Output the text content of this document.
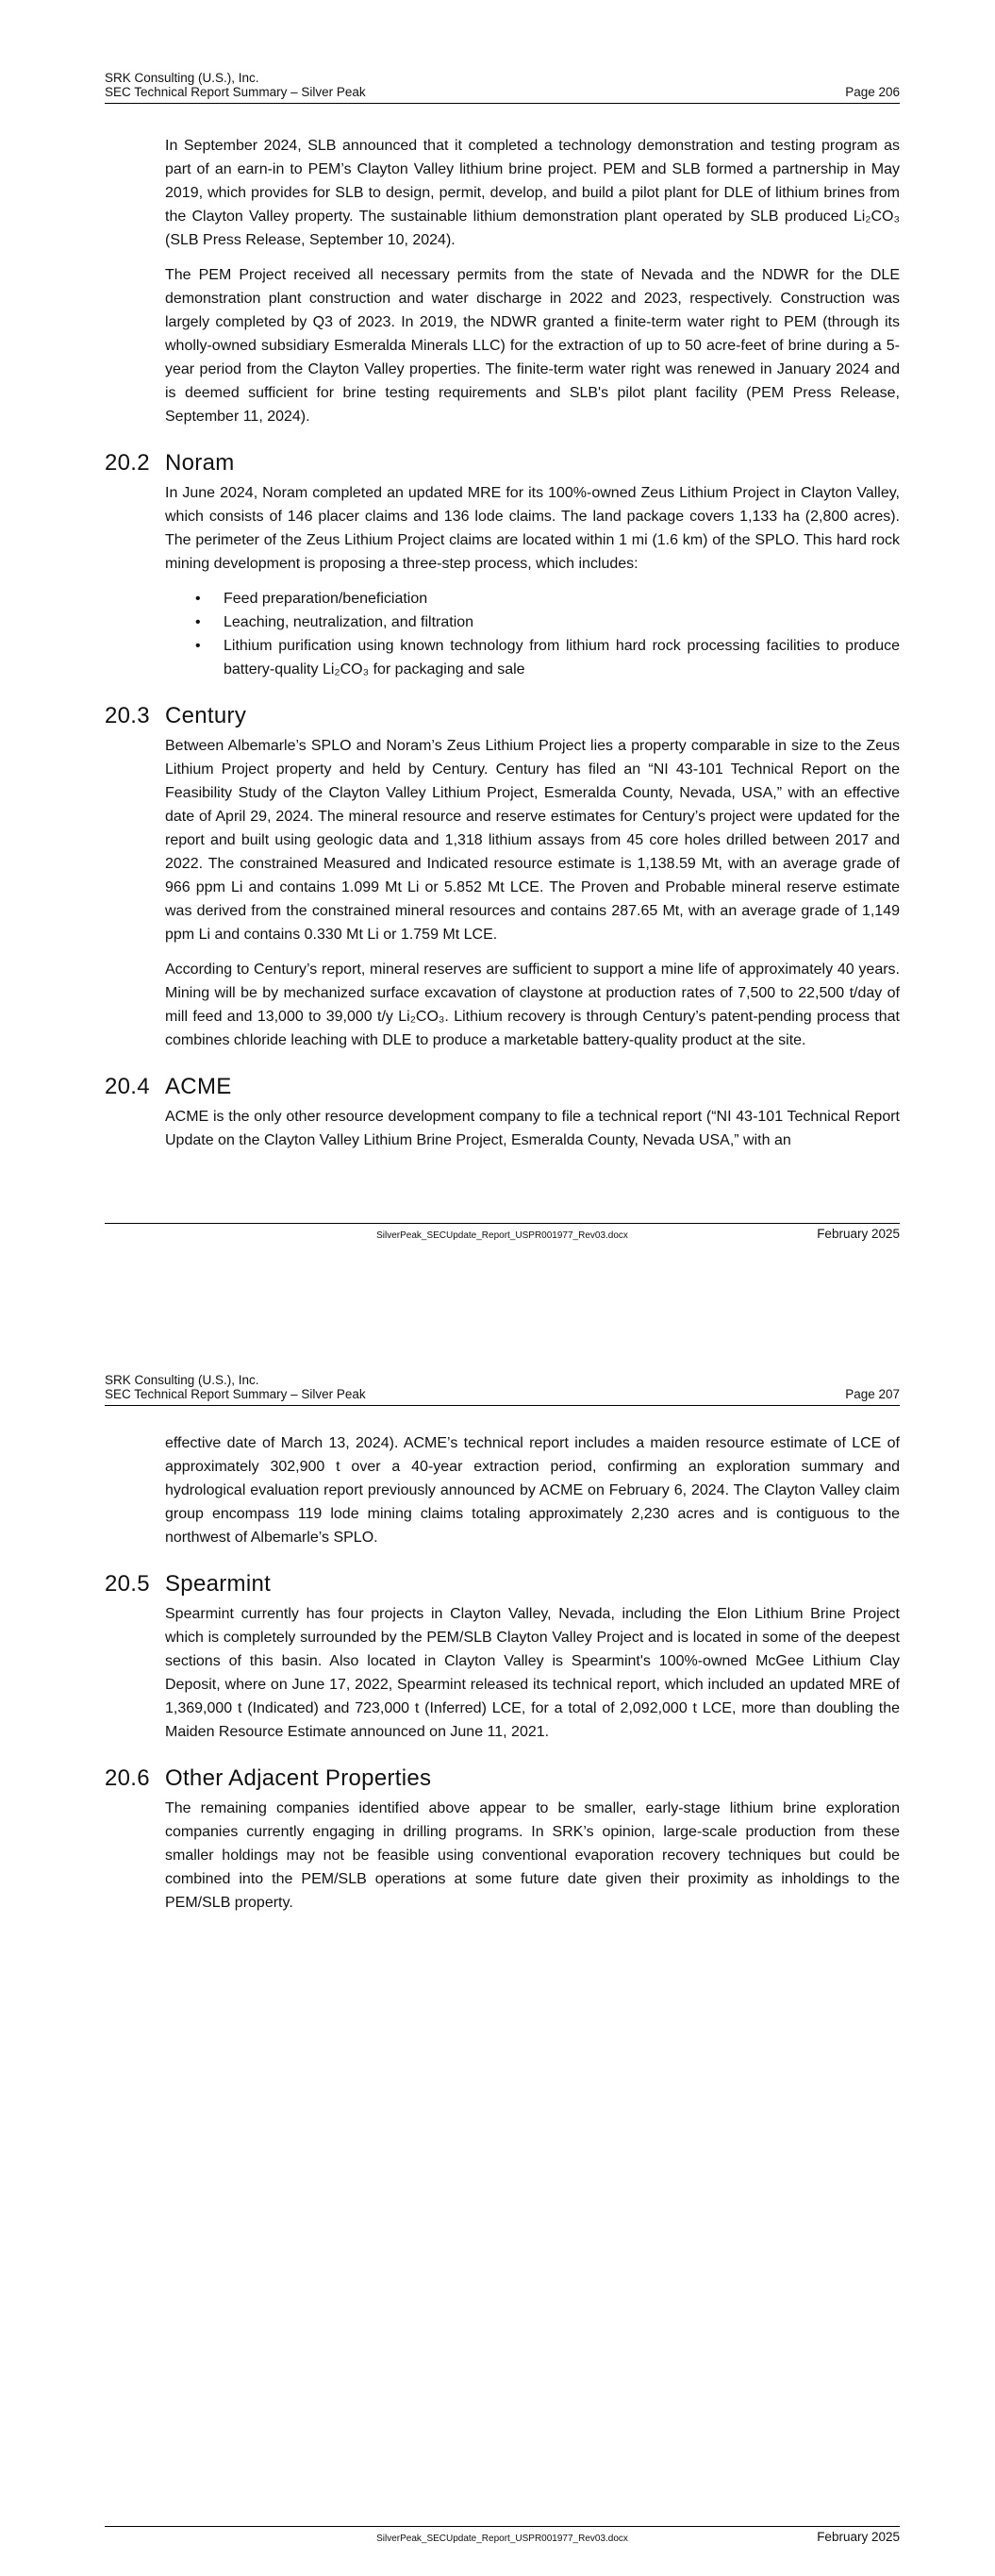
SRK Consulting (U.S.), Inc.
SEC Technical Report Summary – Silver Peak	Page 206

In September 2024, SLB announced that it completed a technology demonstration and testing program as part of an earn-in to PEM’s Clayton Valley lithium brine project. PEM and SLB formed a partnership in May 2019, which provides for SLB to design, permit, develop, and build a pilot plant for DLE of lithium brines from the Clayton Valley property. The sustainable lithium demonstration plant operated by SLB produced Li₂CO₃ (SLB Press Release, September 10, 2024).

The PEM Project received all necessary permits from the state of Nevada and the NDWR for the DLE demonstration plant construction and water discharge in 2022 and 2023, respectively. Construction was largely completed by Q3 of 2023. In 2019, the NDWR granted a finite-term water right to PEM (through its wholly-owned subsidiary Esmeralda Minerals LLC) for the extraction of up to 50 acre-feet of brine during a 5-year period from the Clayton Valley properties. The finite-term water right was renewed in January 2024 and is deemed sufficient for brine testing requirements and SLB's pilot plant facility (PEM Press Release, September 11, 2024).

20.2 Noram

In June 2024, Noram completed an updated MRE for its 100%-owned Zeus Lithium Project in Clayton Valley, which consists of 146 placer claims and 136 lode claims. The land package covers 1,133 ha (2,800 acres). The perimeter of the Zeus Lithium Project claims are located within 1 mi (1.6 km) of the SPLO. This hard rock mining development is proposing a three-step process, which includes:

• Feed preparation/beneficiation
• Leaching, neutralization, and filtration
• Lithium purification using known technology from lithium hard rock processing facilities to produce battery-quality Li₂CO₃ for packaging and sale
20.3 Century

Between Albemarle’s SPLO and Noram’s Zeus Lithium Project lies a property comparable in size to the Zeus Lithium Project property and held by Century. Century has filed an “NI 43-101 Technical Report on the Feasibility Study of the Clayton Valley Lithium Project, Esmeralda County, Nevada, USA,” with an effective date of April 29, 2024. The mineral resource and reserve estimates for Century’s project were updated for the report and built using geologic data and 1,318 lithium assays from 45 core holes drilled between 2017 and 2022. The constrained Measured and Indicated resource estimate is 1,138.59 Mt, with an average grade of 966 ppm Li and contains 1.099 Mt Li or 5.852 Mt LCE. The Proven and Probable mineral reserve estimate was derived from the constrained mineral resources and contains 287.65 Mt, with an average grade of 1,149 ppm Li and contains 0.330 Mt Li or 1.759 Mt LCE.

According to Century’s report, mineral reserves are sufficient to support a mine life of approximately 40 years. Mining will be by mechanized surface excavation of claystone at production rates of 7,500 to 22,500 t/day of mill feed and 13,000 to 39,000 t/y Li₂CO₃. Lithium recovery is through Century’s patent-pending process that combines chloride leaching with DLE to produce a marketable battery-quality product at the site.

20.4 ACME

ACME is the only other resource development company to file a technical report (“NI 43-101 Technical Report Update on the Clayton Valley Lithium Brine Project, Esmeralda County, Nevada USA,” with an

SilverPeak_SECUpdate_Report_USPR001977_Rev03.docx	February 2025
SRK Consulting (U.S.), Inc.
SEC Technical Report Summary – Silver Peak	Page 207

effective date of March 13, 2024). ACME’s technical report includes a maiden resource estimate of LCE of approximately 302,900 t over a 40-year extraction period, confirming an exploration summary and hydrological evaluation report previously announced by ACME on February 6, 2024. The Clayton Valley claim group encompass 119 lode mining claims totaling approximately 2,230 acres and is contiguous to the northwest of Albemarle’s SPLO.

20.5 Spearmint

Spearmint currently has four projects in Clayton Valley, Nevada, including the Elon Lithium Brine Project which is completely surrounded by the PEM/SLB Clayton Valley Project and is located in some of the deepest sections of this basin. Also located in Clayton Valley is Spearmint's 100%-owned McGee Lithium Clay Deposit, where on June 17, 2022, Spearmint released its technical report, which included an updated MRE of 1,369,000 t (Indicated) and 723,000 t (Inferred) LCE, for a total of 2,092,000 t LCE, more than doubling the Maiden Resource Estimate announced on June 11, 2021.

20.6 Other Adjacent Properties

The remaining companies identified above appear to be smaller, early-stage lithium brine exploration companies currently engaging in drilling programs. In SRK’s opinion, large-scale production from these smaller holdings may not be feasible using conventional evaporation recovery techniques but could be combined into the PEM/SLB operations at some future date given their proximity as inholdings to the PEM/SLB property.

SilverPeak_SECUpdate_Report_USPR001977_Rev03.docx	February 2025
